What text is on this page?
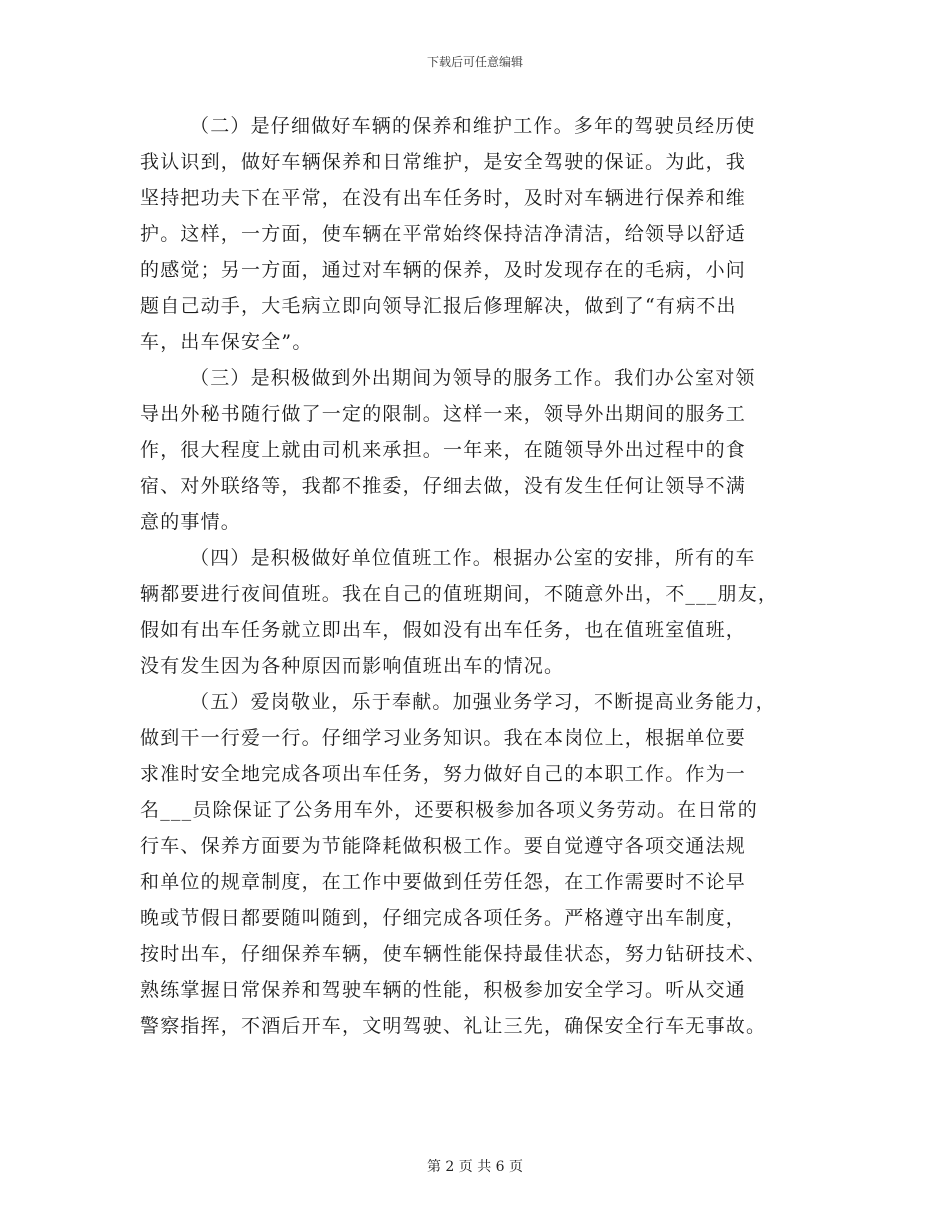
下载后可任意编辑
（二）是仔细做好车辆的保养和维护工作。多年的驾驶员经历使
我认识到，做好车辆保养和日常维护，是安全驾驶的保证。为此，我
坚持把功夫下在平常，在没有出车任务时，及时对车辆进行保养和维
护。这样，一方面，使车辆在平常始终保持洁净清洁，给领导以舒适
的感觉；另一方面，通过对车辆的保养，及时发现存在的毛病，小问
题自己动手，大毛病立即向领导汇报后修理解决，做到了“有病不出
车，出车保安全”。
（三）是积极做到外出期间为领导的服务工作。我们办公室对领
导出外秘书随行做了一定的限制。这样一来，领导外出期间的服务工
作，很大程度上就由司机来承担。一年来，在随领导外出过程中的食
宿、对外联络等，我都不推委，仔细去做，没有发生任何让领导不满
意的事情。
（四）是积极做好单位值班工作。根据办公室的安排，所有的车
辆都要进行夜间值班。我在自己的值班期间，不随意外出，不___朋友，
假如有出车任务就立即出车，假如没有出车任务，也在值班室值班，
没有发生因为各种原因而影响值班出车的情况。
（五）爱岗敬业，乐于奉献。加强业务学习，不断提高业务能力，
做到干一行爱一行。仔细学习业务知识。我在本岗位上，根据单位要
求准时安全地完成各项出车任务，努力做好自己的本职工作。作为一
名___员除保证了公务用车外，还要积极参加各项义务劳动。在日常的
行车、保养方面要为节能降耗做积极工作。要自觉遵守各项交通法规
和单位的规章制度，在工作中要做到任劳任怨，在工作需要时不论早
晚或节假日都要随叫随到，仔细完成各项任务。严格遵守出车制度，
按时出车，仔细保养车辆，使车辆性能保持最佳状态，努力钻研技术、
熟练掌握日常保养和驾驶车辆的性能，积极参加安全学习。听从交通
警察指挥，不酒后开车，文明驾驶、礼让三先，确保安全行车无事故。
第 2 页 共 6 页
